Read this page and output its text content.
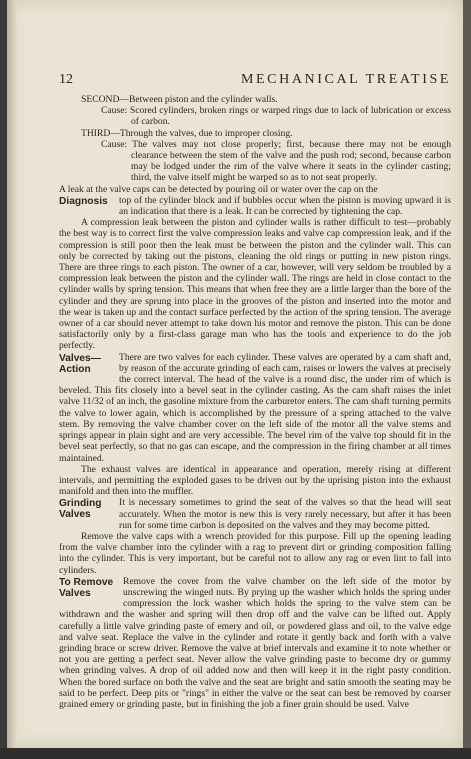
12	MECHANICAL TREATISE

SECOND—Between piston and the cylinder walls.

Cause: Scored cylinders, broken rings or warped rings due to lack of lubrication or excess of carbon.

THIRD—Through the valves, due to improper closing.

Cause: The valves may not close properly; first, because there may not be enough clearance between the stem of the valve and the push rod; second, because carbon may be lodged under the rim of the valve where it seats in the cylinder casting; third, the valve itself might be warped so as to not seat properly.

A leak at the valve caps can be detected by pouring oil or water over the cap on the

Diagnosis	top of the cylinder block and if bubbles occur when the piston is moving upward it is an indication that there is a leak. It can be corrected by tightening the cap.

A compression leak between the piston and cylinder walls is rather difficult to test—probably the best way is to correct first the valve compression leaks and valve cap compression leak, and if the compression is still poor then the leak must be between the piston and the cylinder wall. This can only be corrected by taking out the pistons, cleaning the old rings or putting in new piston rings. There are three rings to each piston. The owner of a car, however, will very seldom be troubled by a compression leak between the piston and the cylinder wall. The rings are held in close contact to the cylinder walls by spring tension. This means that when free they are a little larger than the bore of the cylinder and they are sprung into place in the grooves of the piston and inserted into the motor and the wear is taken up and the contact surface perfected by the action of the spring tension. The average owner of a car should never attempt to take down his motor and remove the piston. This can be done satisfactorily only by a first-class garage man who has the tools and experience to do the job perfectly.

Valves—Action

There are two valves for each cylinder. These valves are operated by a cam shaft and, by reason of the accurate grinding of each cam, raises or lowers the valves at precisely the correct interval. The head of the valve is a round disc, the under rim of which is beveled. This fits closely into a bevel seat in the cylinder casting. As the cam shaft raises the inlet valve 11/32 of an inch, the gasoline mixture from the carburetor enters. The cam shaft turning permits the valve to lower again, which is accomplished by the pressure of a spring attached to the valve stem. By removing the valve chamber cover on the left side of the motor all the valve stems and springs appear in plain sight and are very accessible. The bevel rim of the valve top should fit in the bevel seat perfectly, so that no gas can escape, and the compression in the firing chamber at all times maintained.

The exhaust valves are identical in appearance and operation, merely rising at different intervals, and permitting the exploded gases to be driven out by the uprising piston into the exhaust manifold and then into the muffler.

Grinding Valves

It is necessary sometimes to grind the seat of the valves so that the head will seat accurately. When the motor is new this is very rarely necessary, but after it has been run for some time carbon is deposited on the valves and they may become pitted.

Remove the valve caps with a wrench provided for this purpose. Fill up the opening leading from the valve chamber into the cylinder with a rag to prevent dirt or grinding composition falling into the cylinder. This is very important, but be careful not to allow any rag or even lint to fall into cylinders.

To Remove Valves

Remove the cover from the valve chamber on the left side of the motor by unscrewing the winged nuts. By prying up the washer which holds the spring under compression the lock washer which holds the spring to the valve stem can be withdrawn and the washer and spring will then drop off and the valve can be lifted out. Apply carefully a little valve grinding paste of emery and oil, or powdered glass and oil, to the valve edge and valve seat. Replace the valve in the cylinder and rotate it gently back and forth with a valve grinding brace or screw driver. Remove the valve at brief intervals and examine it to note whether or not you are getting a perfect seat. Never allow the valve grinding paste to become dry or gummy when grinding valves. A drop of oil added now and then will keep it in the right pasty condition. When the bored surface on both the valve and the seat are bright and satin smooth the seating may be said to be perfect. Deep pits or "rings" in either the valve or the seat can best be removed by coarser grained emery or grinding paste, but in finishing the job a finer grain should be used. Valve
